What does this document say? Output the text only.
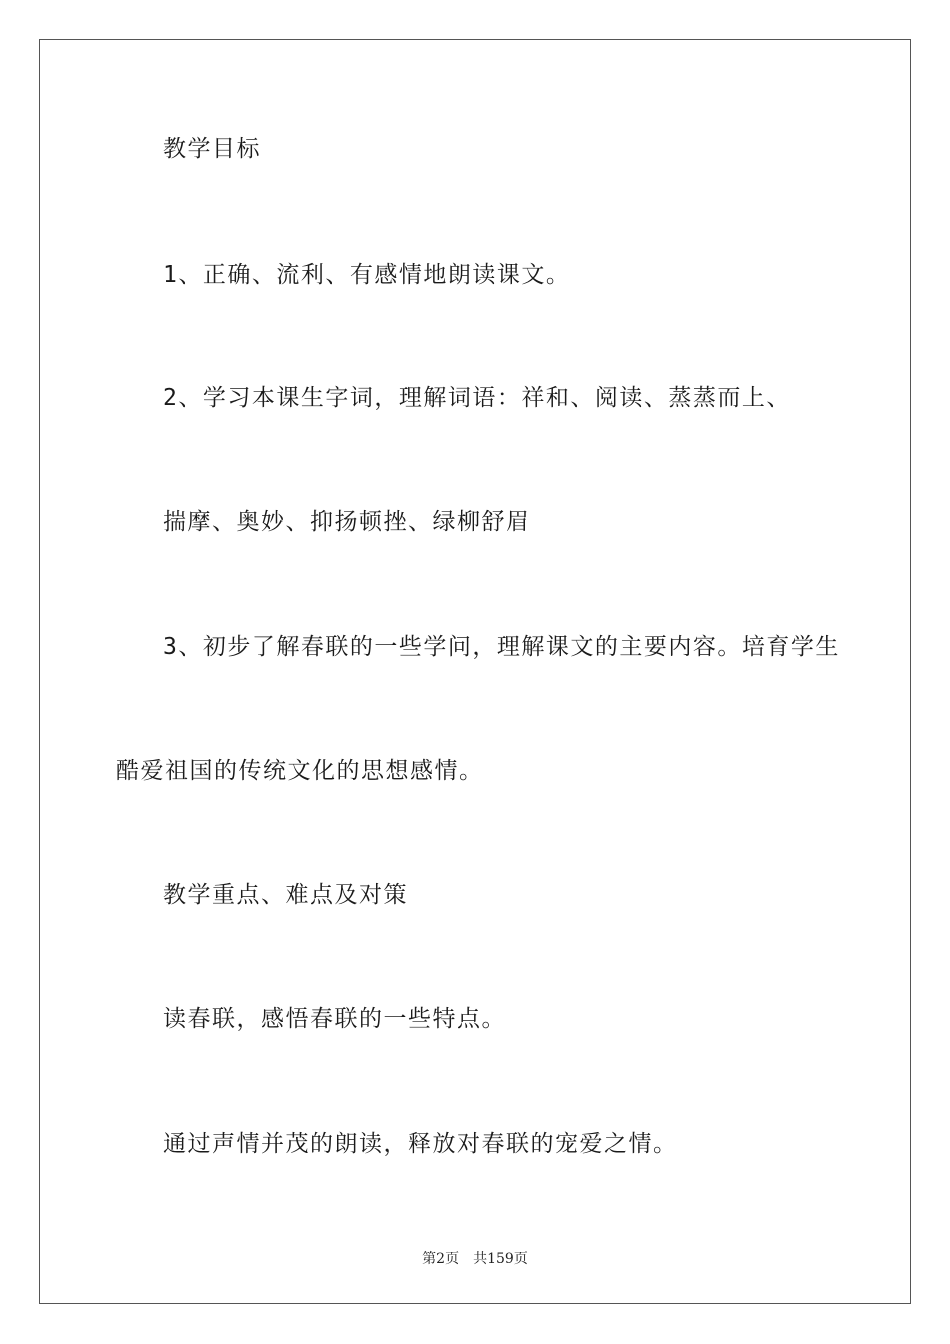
教学目标
1、正确、流利、有感情地朗读课文。
2、学习本课生字词，理解词语：祥和、阅读、蒸蒸而上、
揣摩、奥妙、抑扬顿挫、绿柳舒眉
3、初步了解春联的一些学问，理解课文的主要内容。培育学生
酷爱祖国的传统文化的思想感情。
教学重点、难点及对策
读春联，感悟春联的一些特点。
通过声情并茂的朗读，释放对春联的宠爱之情。
第2页 共159页
